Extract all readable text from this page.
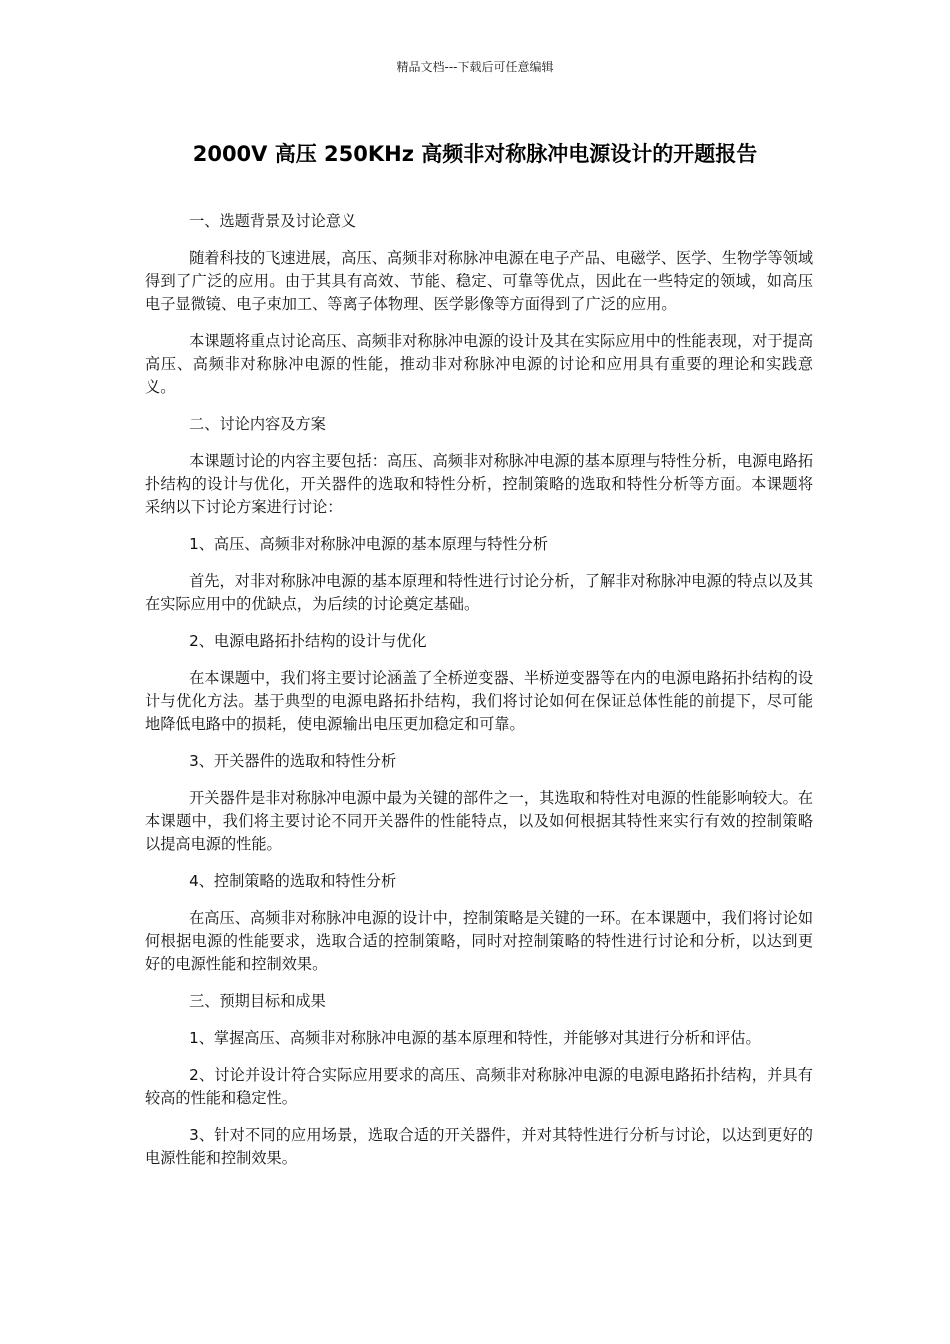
精品文档---下载后可任意编辑
2000V 高压 250KHz 高频非对称脉冲电源设计的开题报告
一、选题背景及讨论意义
随着科技的飞速进展，高压、高频非对称脉冲电源在电子产品、电磁学、医学、生物学等领域得到了广泛的应用。由于其具有高效、节能、稳定、可靠等优点，因此在一些特定的领域，如高压电子显微镜、电子束加工、等离子体物理、医学影像等方面得到了广泛的应用。
本课题将重点讨论高压、高频非对称脉冲电源的设计及其在实际应用中的性能表现，对于提高高压、高频非对称脉冲电源的性能，推动非对称脉冲电源的讨论和应用具有重要的理论和实践意义。
二、讨论内容及方案
本课题讨论的内容主要包括：高压、高频非对称脉冲电源的基本原理与特性分析，电源电路拓扑结构的设计与优化，开关器件的选取和特性分析，控制策略的选取和特性分析等方面。本课题将采纳以下讨论方案进行讨论：
1、高压、高频非对称脉冲电源的基本原理与特性分析
首先，对非对称脉冲电源的基本原理和特性进行讨论分析，了解非对称脉冲电源的特点以及其在实际应用中的优缺点，为后续的讨论奠定基础。
2、电源电路拓扑结构的设计与优化
在本课题中，我们将主要讨论涵盖了全桥逆变器、半桥逆变器等在内的电源电路拓扑结构的设计与优化方法。基于典型的电源电路拓扑结构，我们将讨论如何在保证总体性能的前提下，尽可能地降低电路中的损耗，使电源输出电压更加稳定和可靠。
3、开关器件的选取和特性分析
开关器件是非对称脉冲电源中最为关键的部件之一，其选取和特性对电源的性能影响较大。在本课题中，我们将主要讨论不同开关器件的性能特点，以及如何根据其特性来实行有效的控制策略以提高电源的性能。
4、控制策略的选取和特性分析
在高压、高频非对称脉冲电源的设计中，控制策略是关键的一环。在本课题中，我们将讨论如何根据电源的性能要求，选取合适的控制策略，同时对控制策略的特性进行讨论和分析，以达到更好的电源性能和控制效果。
三、预期目标和成果
1、掌握高压、高频非对称脉冲电源的基本原理和特性，并能够对其进行分析和评估。
2、讨论并设计符合实际应用要求的高压、高频非对称脉冲电源的电源电路拓扑结构，并具有较高的性能和稳定性。
3、针对不同的应用场景，选取合适的开关器件，并对其特性进行分析与讨论，以达到更好的电源性能和控制效果。
